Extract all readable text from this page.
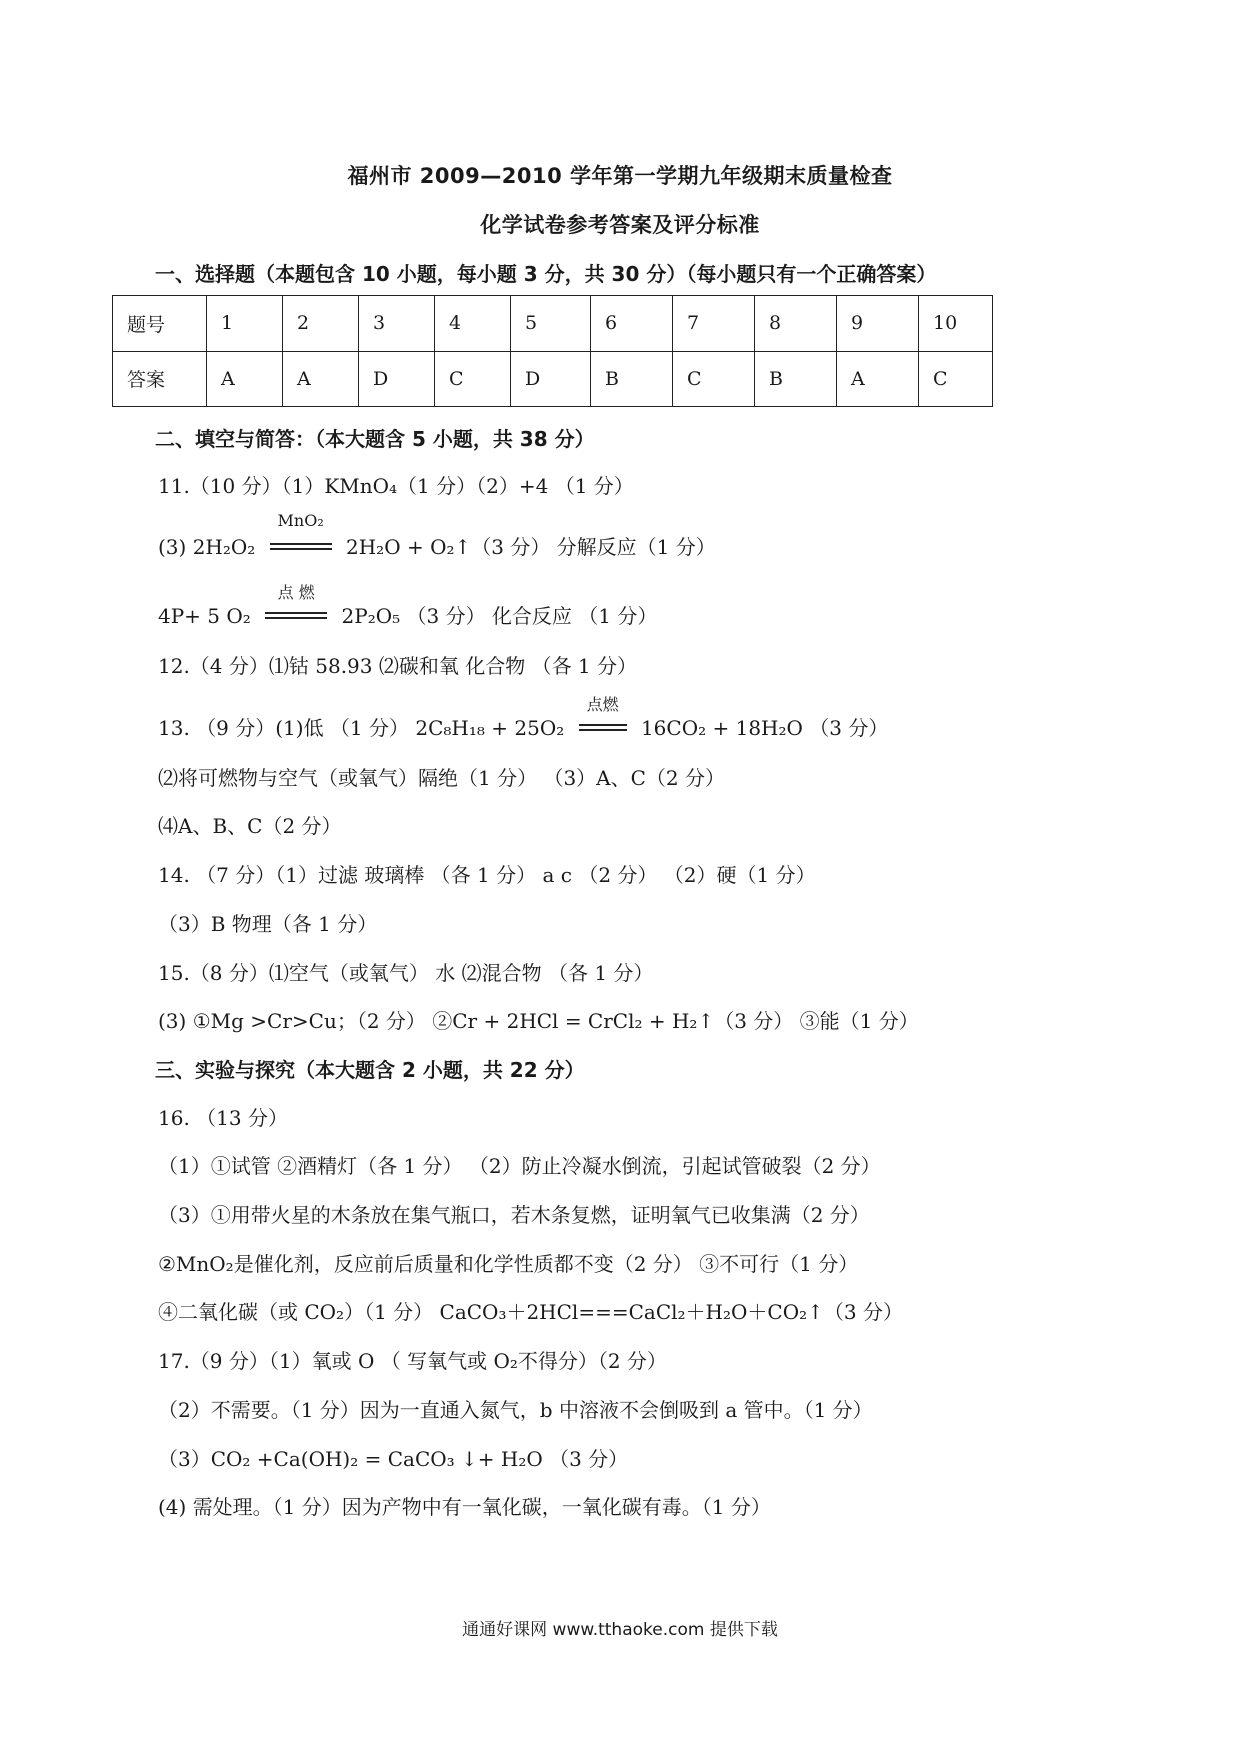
福州市 2009—2010 学年第一学期九年级期末质量检查
化学试卷参考答案及评分标准
一、选择题（本题包含 10 小题，每小题 3 分，共 30 分）（每小题只有一个正确答案）
题号	1	2	3	4	5	6	7	8	9	10
答案	A	A	D	C	D	B	C	B	A	C
二、填空与简答：（本大题含 5 小题，共 38 分）
11.（10 分）（1）KMnO₄（1 分）（2）+4 （1 分）
(3) 2H₂O₂
MnO₂
2H₂O + O₂↑（3 分） 分解反应（1 分）
4P+ 5 O₂
点 燃
2P₂O₅ （3 分） 化合反应 （1 分）
12.（4 分）⑴钴 58.93 ⑵碳和氧 化合物 （各 1 分）
13. （9 分）(1)低 （1 分） 2C₈H₁₈ + 25O₂
点燃
16CO₂ + 18H₂O （3 分）
⑵将可燃物与空气（或氧气）隔绝（1 分） （3）A、C（2 分）
⑷A、B、C（2 分）
14. （7 分）（1）过滤 玻璃棒 （各 1 分） a c （2 分） （2）硬（1 分）
（3）B 物理（各 1 分）
15.（8 分）⑴空气（或氧气） 水 ⑵混合物 （各 1 分）
(3) ①Mg >Cr>Cu；（2 分） ②Cr + 2HCl = CrCl₂ + H₂↑（3 分） ③能（1 分）
三、实验与探究（本大题含 2 小题，共 22 分）
16. （13 分）
（1）①试管 ②酒精灯（各 1 分） （2）防止冷凝水倒流，引起试管破裂（2 分）
（3）①用带火星的木条放在集气瓶口，若木条复燃，证明氧气已收集满（2 分）
②MnO₂是催化剂，反应前后质量和化学性质都不变（2 分） ③不可行（1 分）
④二氧化碳（或 CO₂）（1 分） CaCO₃＋2HCl===CaCl₂＋H₂O＋CO₂↑（3 分）
17.（9 分）（1）氧或 O （ 写氧气或 O₂不得分）（2 分）
（2）不需要。（1 分）因为一直通入氮气，b 中溶液不会倒吸到 a 管中。（1 分）
（3）CO₂ +Ca(OH)₂ = CaCO₃ ↓+ H₂O （3 分）
(4) 需处理。（1 分）因为产物中有一氧化碳，一氧化碳有毒。（1 分）
通通好课网 www.tthaoke.com 提供下载
